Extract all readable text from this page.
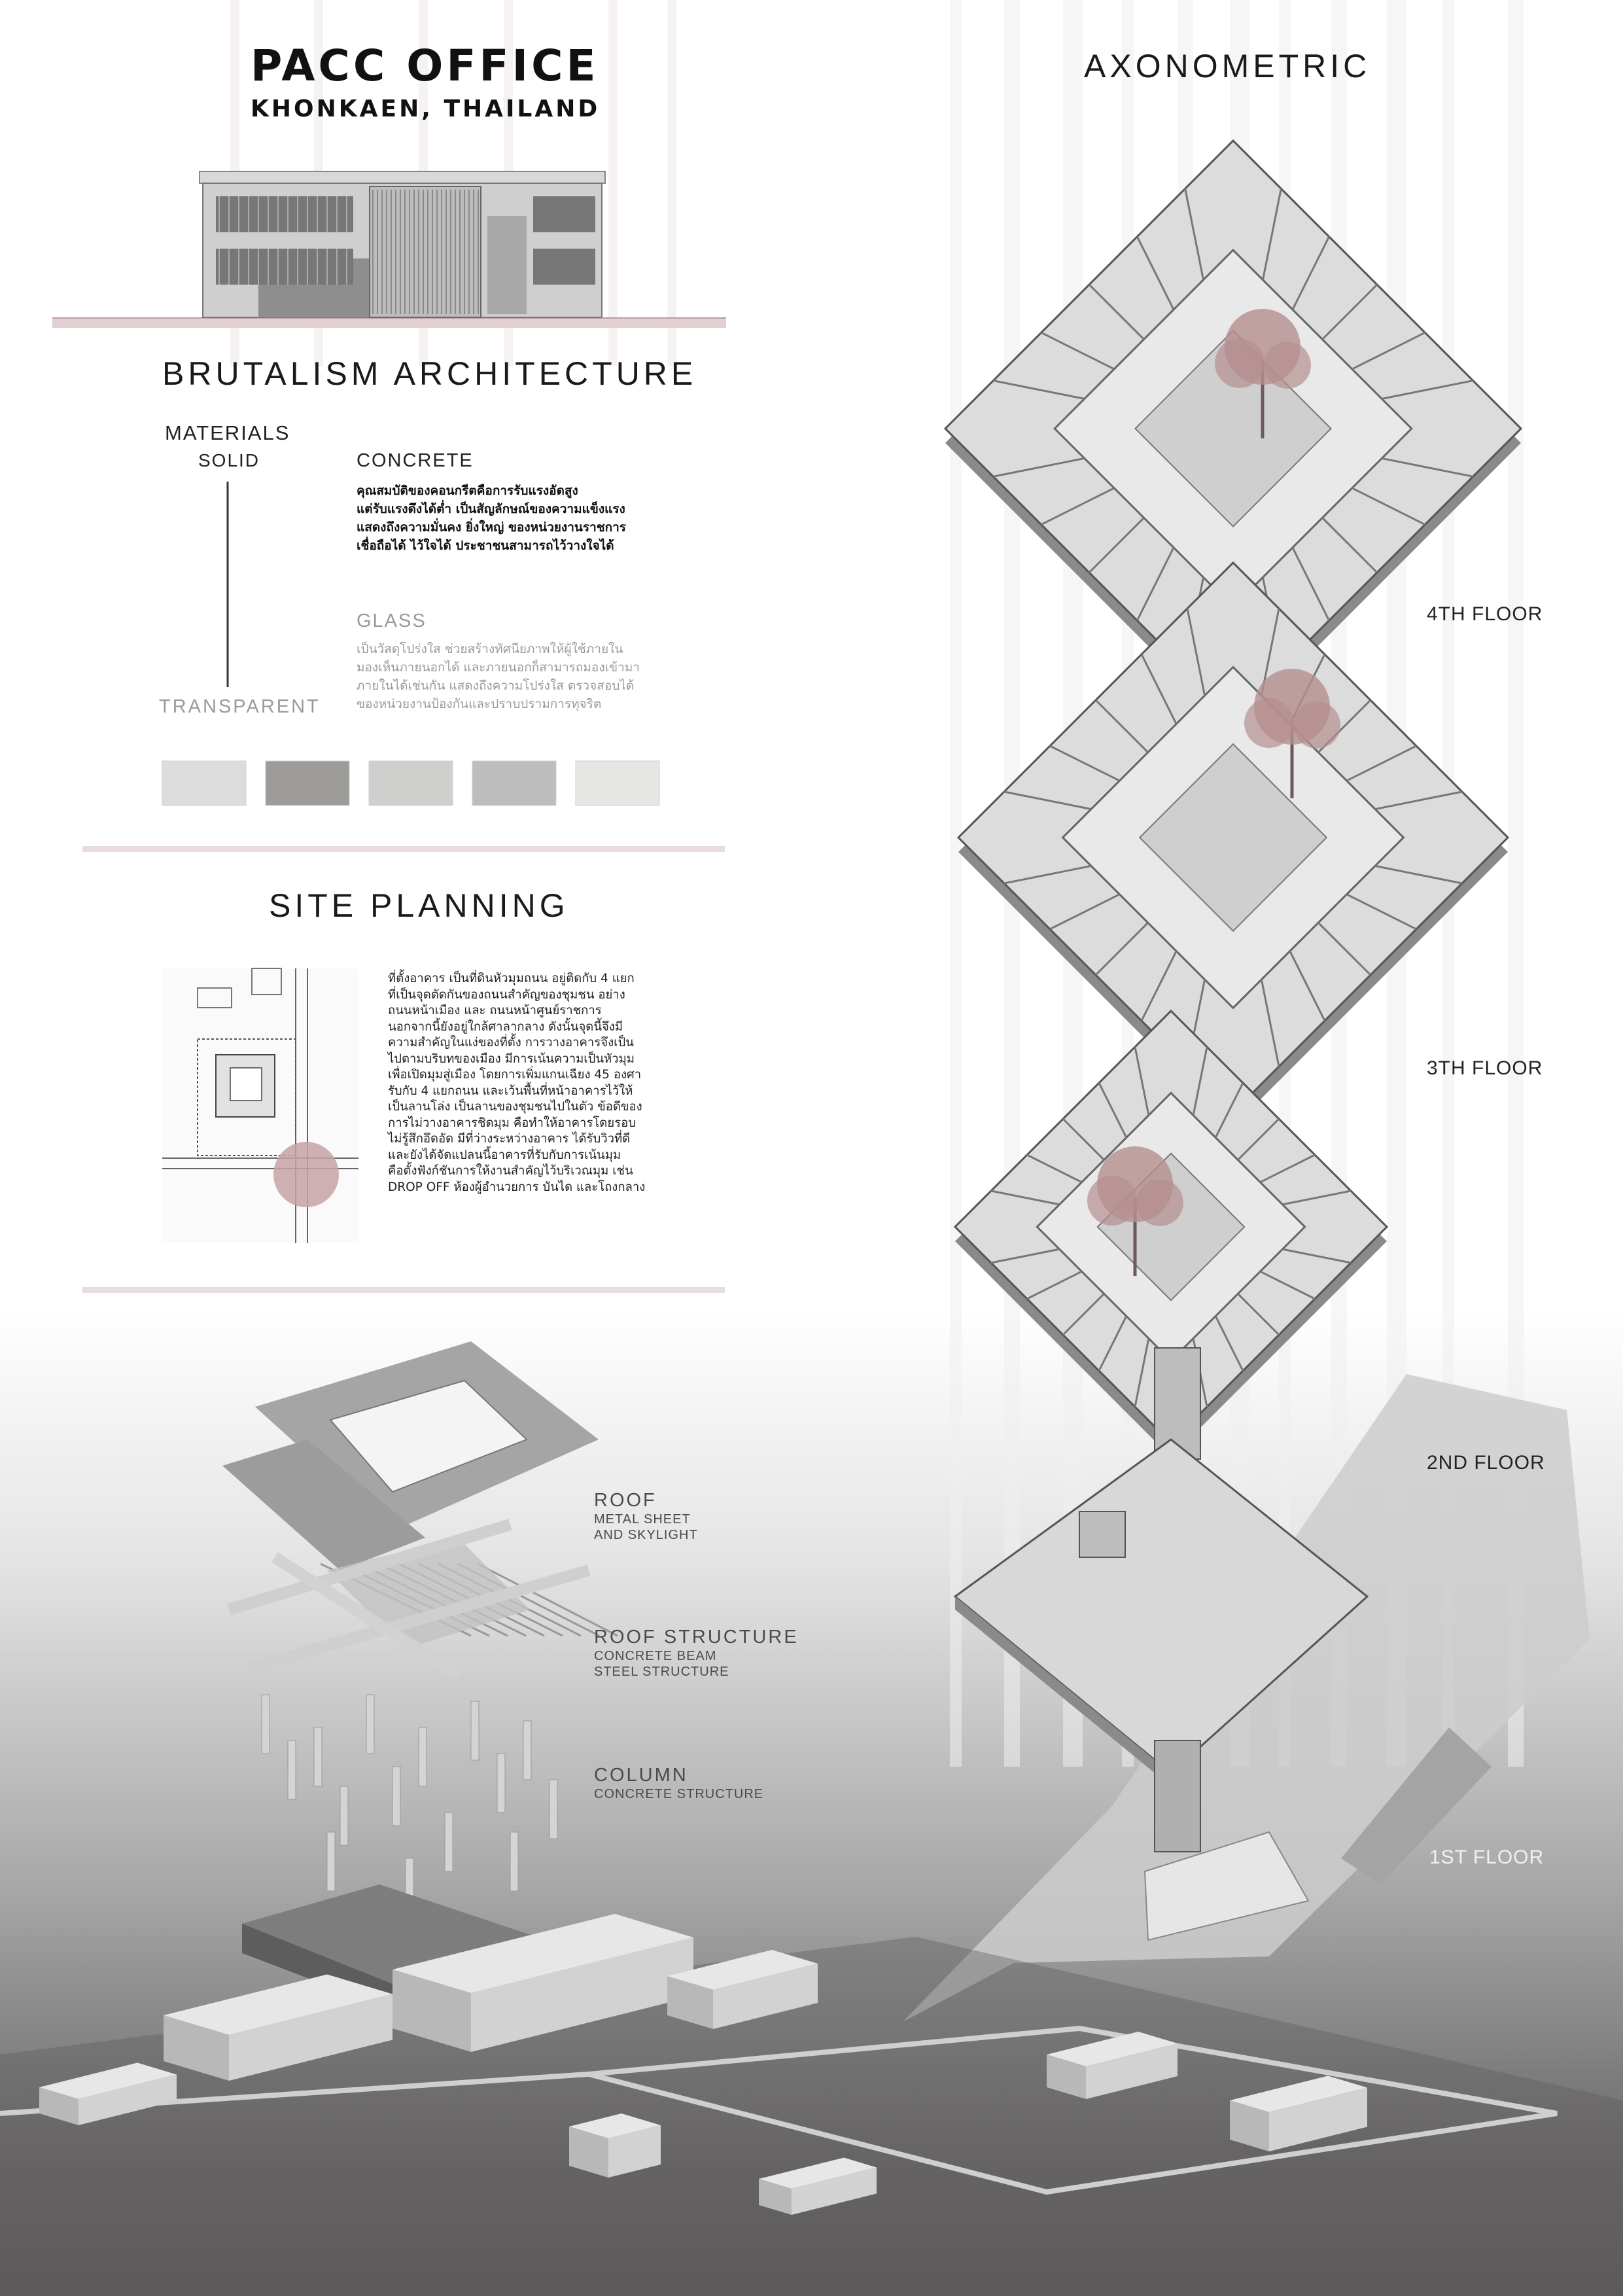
PACC OFFICE
KHONKAEN, THAILAND
BRUTALISM ARCHITECTURE
MATERIALS
SOLID
TRANSPARENT
CONCRETE
คุณสมบัติของคอนกรีตคือการรับแรงอัดสูง
แต่รับแรงดึงได้ต่ำ เป็นสัญลักษณ์ของความแข็งแรง
แสดงถึงความมั่นคง ยิ่งใหญ่ ของหน่วยงานราชการ
เชื่อถือได้ ไว้ใจได้ ประชาชนสามารถไว้วางใจได้
GLASS
เป็นวัสดุโปร่งใส ช่วยสร้างทัศนียภาพให้ผู้ใช้ภายใน
มองเห็นภายนอกได้ และภายนอกก็สามารถมองเข้ามา
ภายในได้เช่นกัน แสดงถึงความโปร่งใส ตรวจสอบได้
ของหน่วยงานป้องกันและปราบปรามการทุจริต
SITE PLANNING
ที่ตั้งอาคาร เป็นที่ดินหัวมุมถนน อยู่ติดกับ 4 แยก
ที่เป็นจุดตัดกันของถนนสำคัญของชุมชน อย่าง
ถนนหน้าเมือง และ ถนนหน้าศูนย์ราชการ
นอกจากนี้ยังอยู่ใกล้ศาลากลาง ดังนั้นจุดนี้จึงมี
ความสำคัญในแง่ของที่ตั้ง การวางอาคารจึงเป็น
ไปตามบริบทของเมือง มีการเน้นความเป็นหัวมุม
เพื่อเปิดมุมสู่เมือง โดยการเพิ่มแกนเฉียง 45 องศา
รับกับ 4 แยกถนน และเว้นพื้นที่หน้าอาคารไว้ให้
เป็นลานโล่ง เป็นลานของชุมชนไปในตัว ข้อดีของ
การไม่วางอาคารชิดมุม คือทำให้อาคารโดยรอบ
ไม่รู้สึกอึดอัด มีที่ว่างระหว่างอาคาร ได้รับวิวที่ดี
และยังได้จัดแปลนนี้อาคารที่รับกับการเน้นมุม
คือตั้งฟังก์ชันการให้งานสำคัญไว้บริเวณมุม เช่น
DROP OFF ห้องผู้อำนวยการ บันได และโถงกลาง
AXONOMETRIC
4TH FLOOR
3TH FLOOR
2ND FLOOR
1ST FLOOR
ROOF
METAL SHEET
AND SKYLIGHT
ROOF STRUCTURE
CONCRETE BEAM
STEEL STRUCTURE
COLUMN
CONCRETE STRUCTURE
